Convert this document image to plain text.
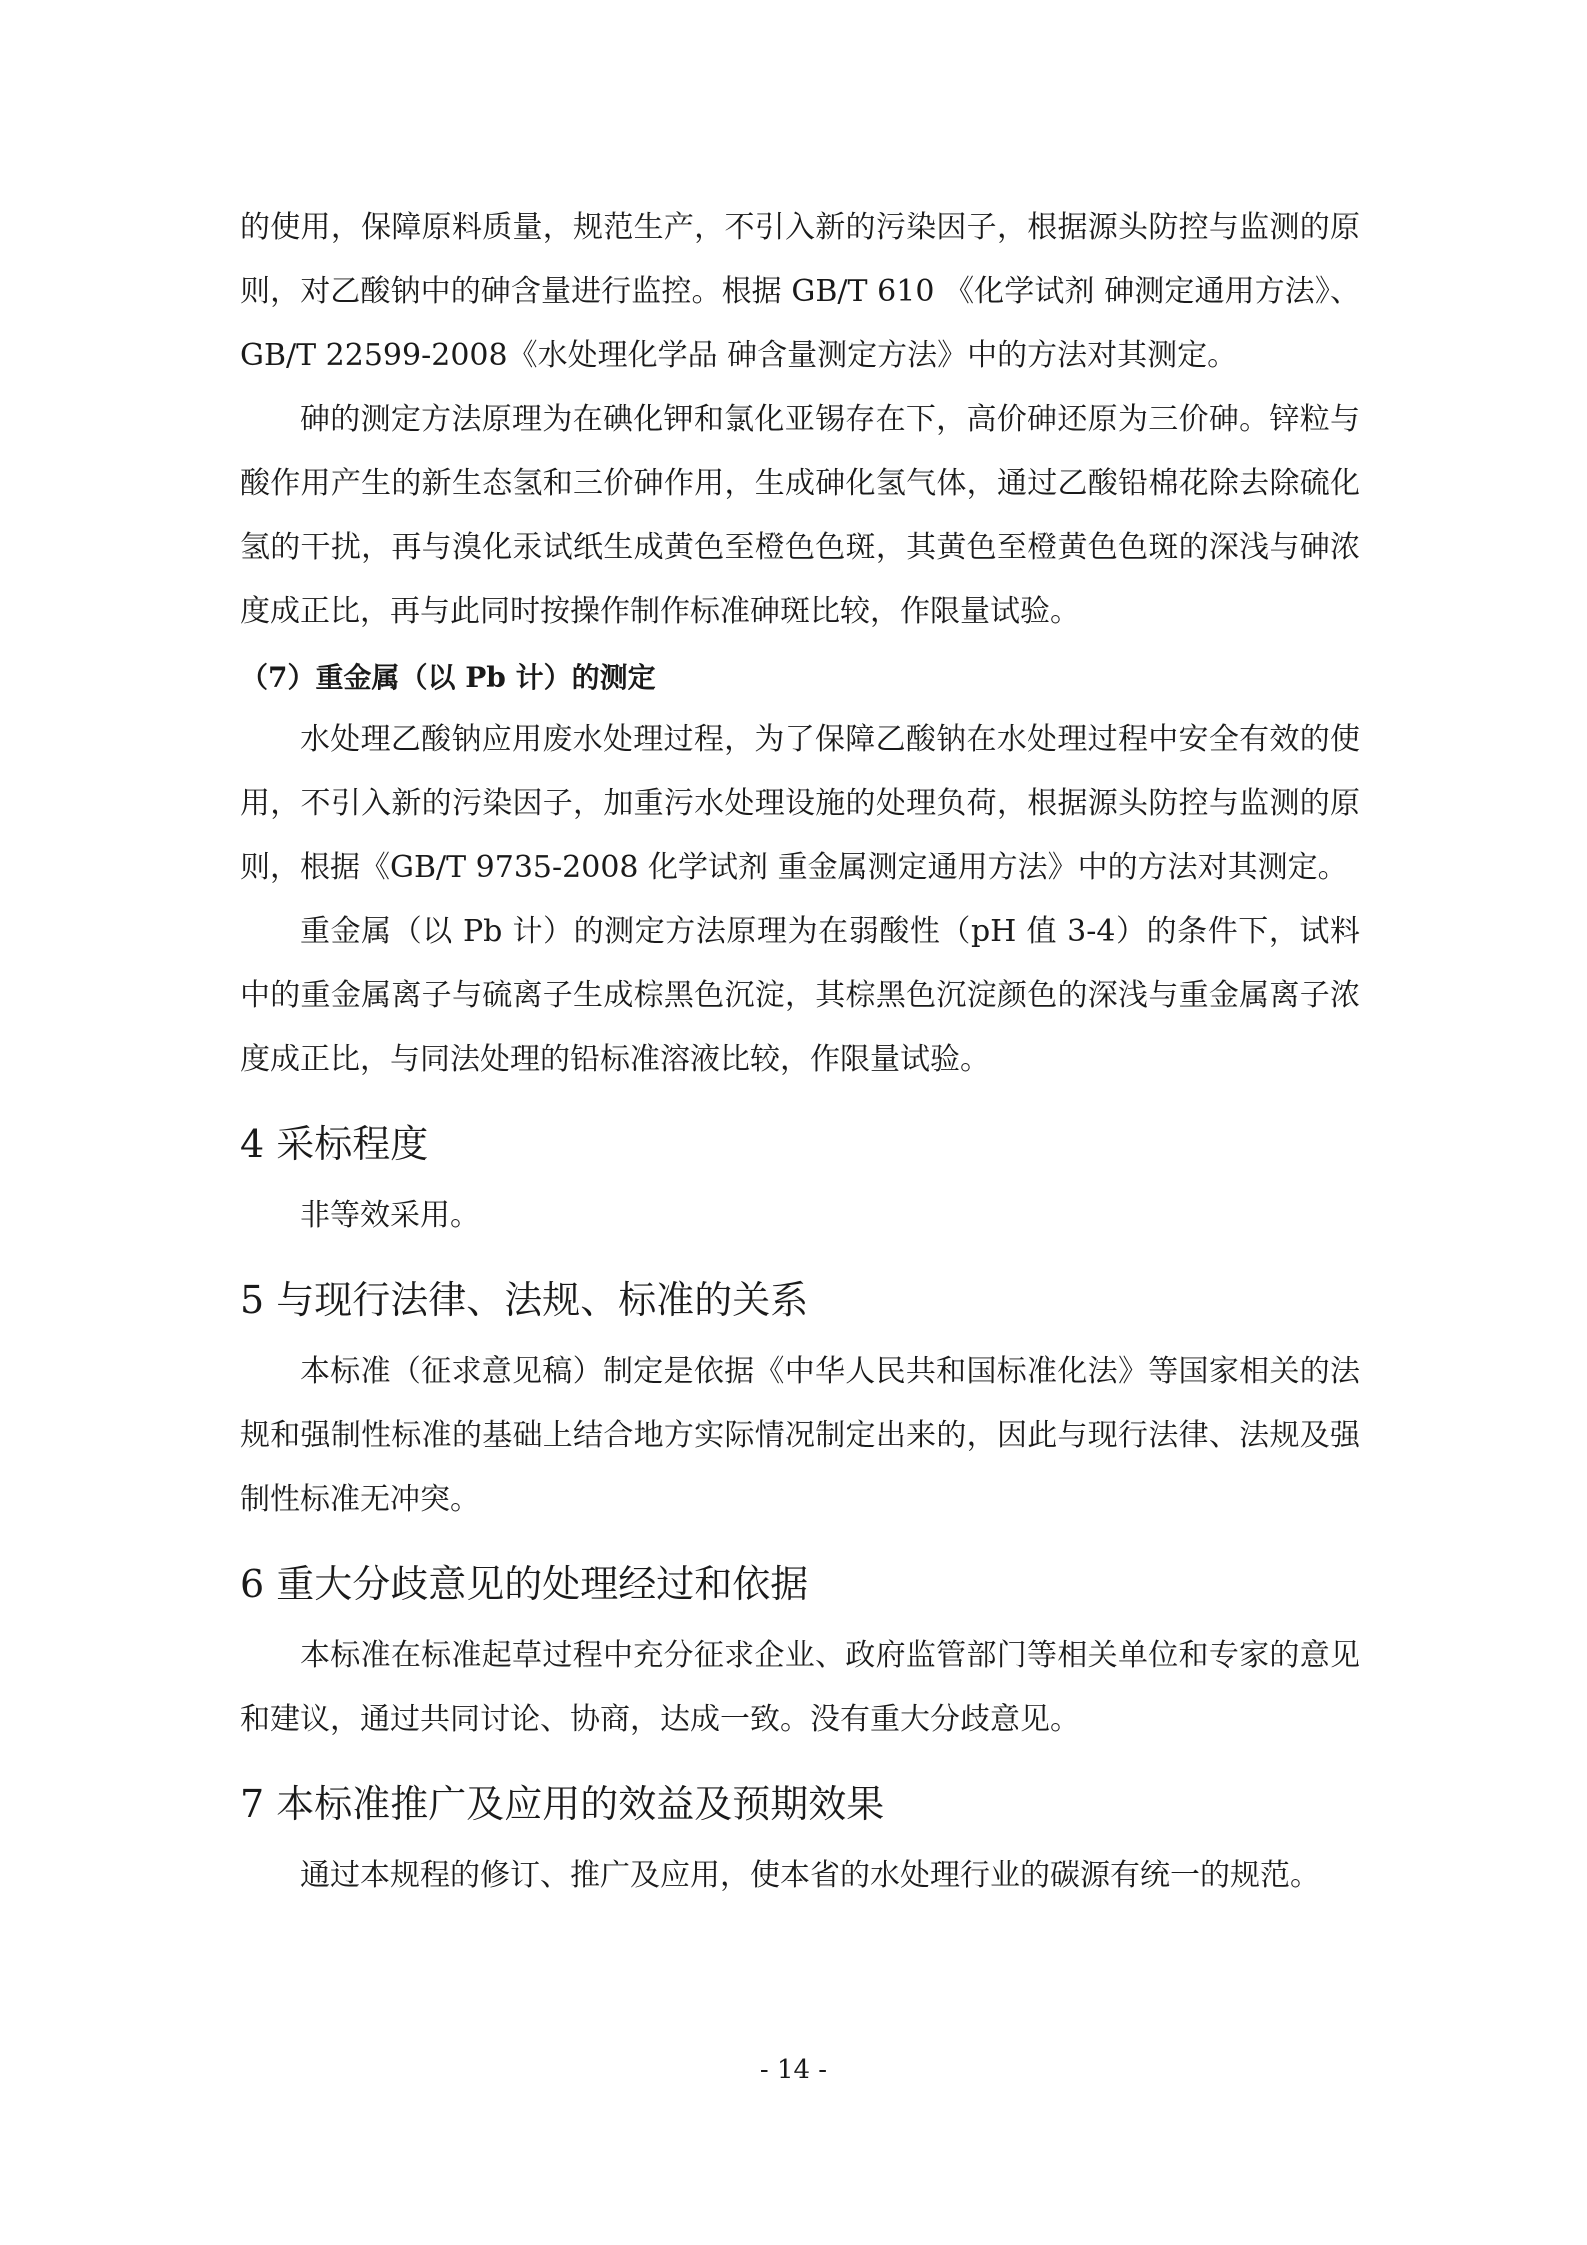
的使用，保障原料质量，规范生产，不引入新的污染因子，根据源头防控与监测的原则，对乙酸钠中的砷含量进行监控。根据 GB/T 610 《化学试剂 砷测定通用方法》、 GB/T 22599-2008《水处理化学品 砷含量测定方法》中的方法对其测定。

砷的测定方法原理为在碘化钾和氯化亚锡存在下，高价砷还原为三价砷。锌粒与酸作用产生的新生态氢和三价砷作用，生成砷化氢气体，通过乙酸铅棉花除去除硫化氢的干扰，再与溴化汞试纸生成黄色至橙色色斑，其黄色至橙黄色色斑的深浅与砷浓度成正比，再与此同时按操作制作标准砷斑比较，作限量试验。

（7）重金属（以 Pb 计）的测定

水处理乙酸钠应用废水处理过程，为了保障乙酸钠在水处理过程中安全有效的使用，不引入新的污染因子，加重污水处理设施的处理负荷，根据源头防控与监测的原则，根据《GB/T 9735-2008 化学试剂 重金属测定通用方法》中的方法对其测定。

重金属（以 Pb 计）的测定方法原理为在弱酸性（pH 值 3-4）的条件下，试料中的重金属离子与硫离子生成棕黑色沉淀，其棕黑色沉淀颜色的深浅与重金属离子浓度成正比，与同法处理的铅标准溶液比较，作限量试验。

4 采标程度

非等效采用。

5 与现行法律、法规、标准的关系

本标准（征求意见稿）制定是依据《中华人民共和国标准化法》等国家相关的法规和强制性标准的基础上结合地方实际情况制定出来的，因此与现行法律、法规及强制性标准无冲突。

6 重大分歧意见的处理经过和依据

本标准在标准起草过程中充分征求企业、政府监管部门等相关单位和专家的意见和建议，通过共同讨论、协商，达成一致。没有重大分歧意见。

7 本标准推广及应用的效益及预期效果

通过本规程的修订、推广及应用，使本省的水处理行业的碳源有统一的规范。

- 14 -
